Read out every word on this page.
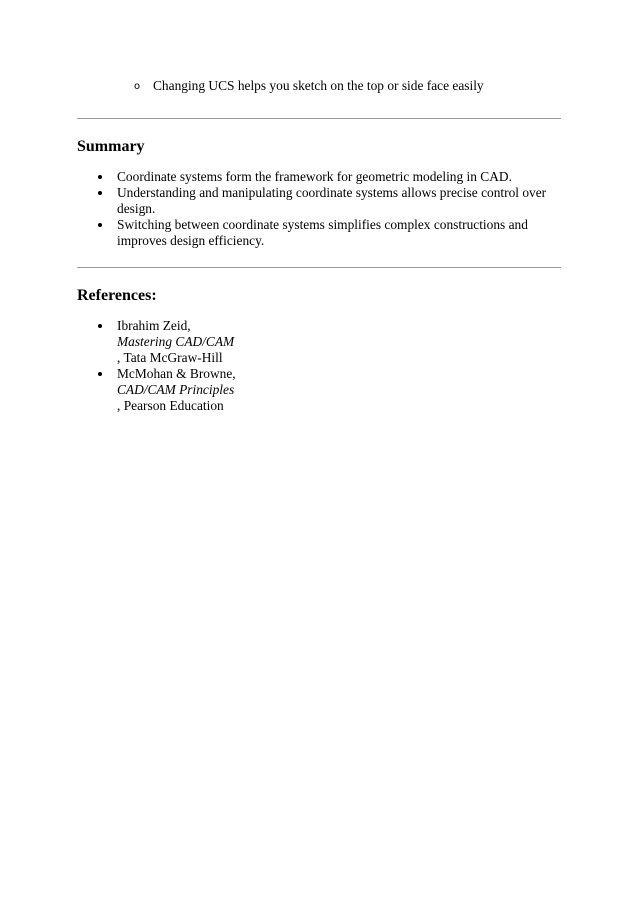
o Changing UCS helps you sketch on the top or side face easily
Summary
Coordinate systems form the framework for geometric modeling in CAD.
Understanding and manipulating coordinate systems allows precise control over
design.
Switching between coordinate systems simplifies complex constructions and
improves design efficiency.
References:
Ibrahim Zeid,
Mastering CAD/CAM
, Tata McGraw-Hill
McMohan & Browne,
CAD/CAM Principles
, Pearson Education
